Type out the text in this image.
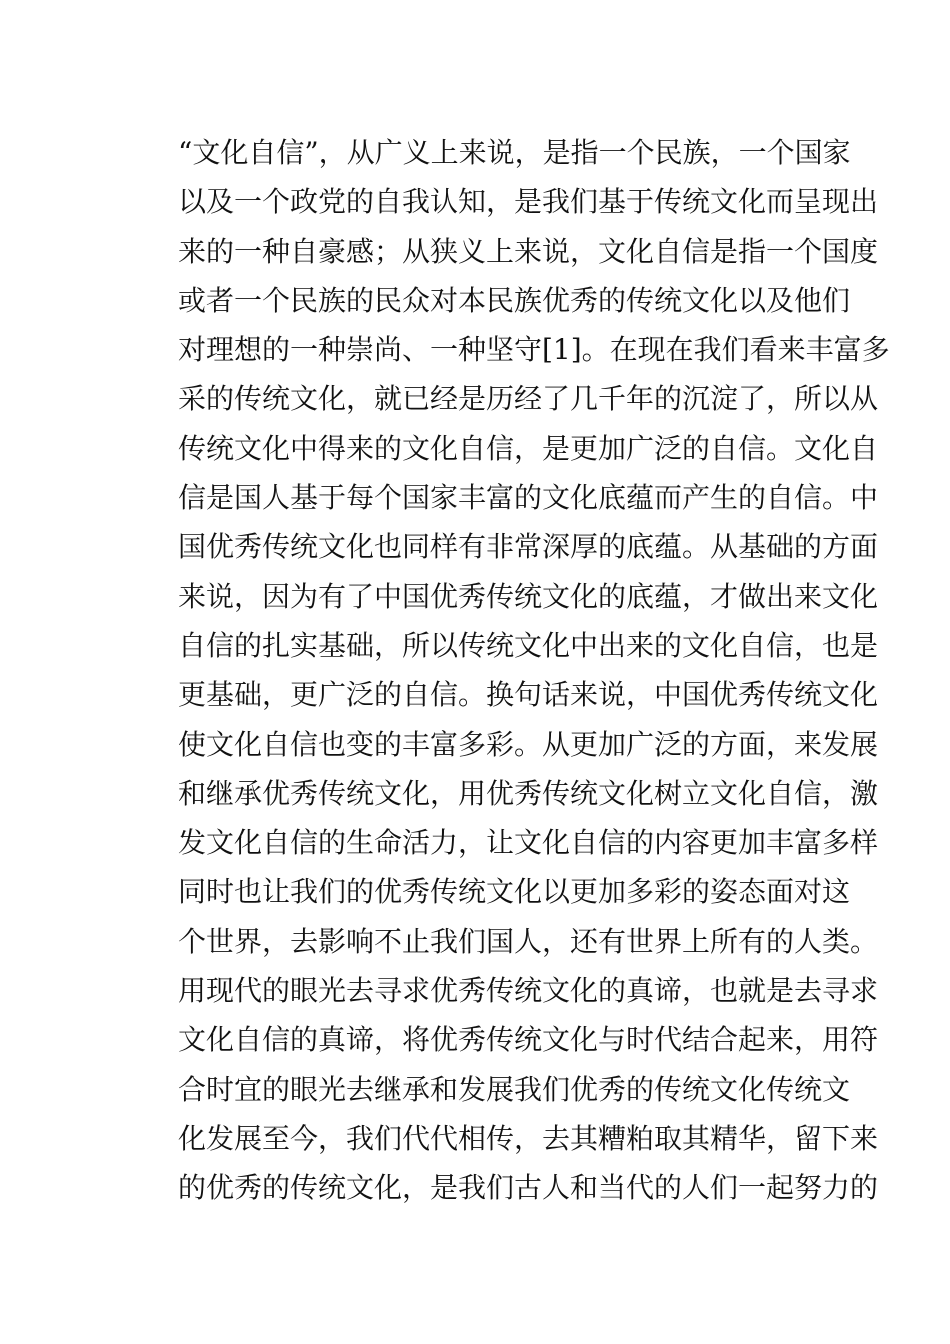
“文化自信”，从广义上来说，是指一个民族，一个国家
以及一个政党的自我认知，是我们基于传统文化而呈现出
来的一种自豪感；从狭义上来说，文化自信是指一个国度
或者一个民族的民众对本民族优秀的传统文化以及他们
对理想的一种崇尚、一种坚守[1]。在现在我们看来丰富多
采的传统文化，就已经是历经了几千年的沉淀了，所以从
传统文化中得来的文化自信，是更加广泛的自信。文化自
信是国人基于每个国家丰富的文化底蕴而产生的自信。中
国优秀传统文化也同样有非常深厚的底蕴。从基础的方面
来说，因为有了中国优秀传统文化的底蕴，才做出来文化
自信的扎实基础，所以传统文化中出来的文化自信，也是
更基础，更广泛的自信。换句话来说，中国优秀传统文化
使文化自信也变的丰富多彩。从更加广泛的方面，来发展
和继承优秀传统文化，用优秀传统文化树立文化自信，激
发文化自信的生命活力，让文化自信的内容更加丰富多样
同时也让我们的优秀传统文化以更加多彩的姿态面对这
个世界，去影响不止我们国人，还有世界上所有的人类。
用现代的眼光去寻求优秀传统文化的真谛，也就是去寻求
文化自信的真谛，将优秀传统文化与时代结合起来，用符
合时宜的眼光去继承和发展我们优秀的传统文化传统文
化发展至今，我们代代相传，去其糟粕取其精华，留下来
的优秀的传统文化，是我们古人和当代的人们一起努力的
